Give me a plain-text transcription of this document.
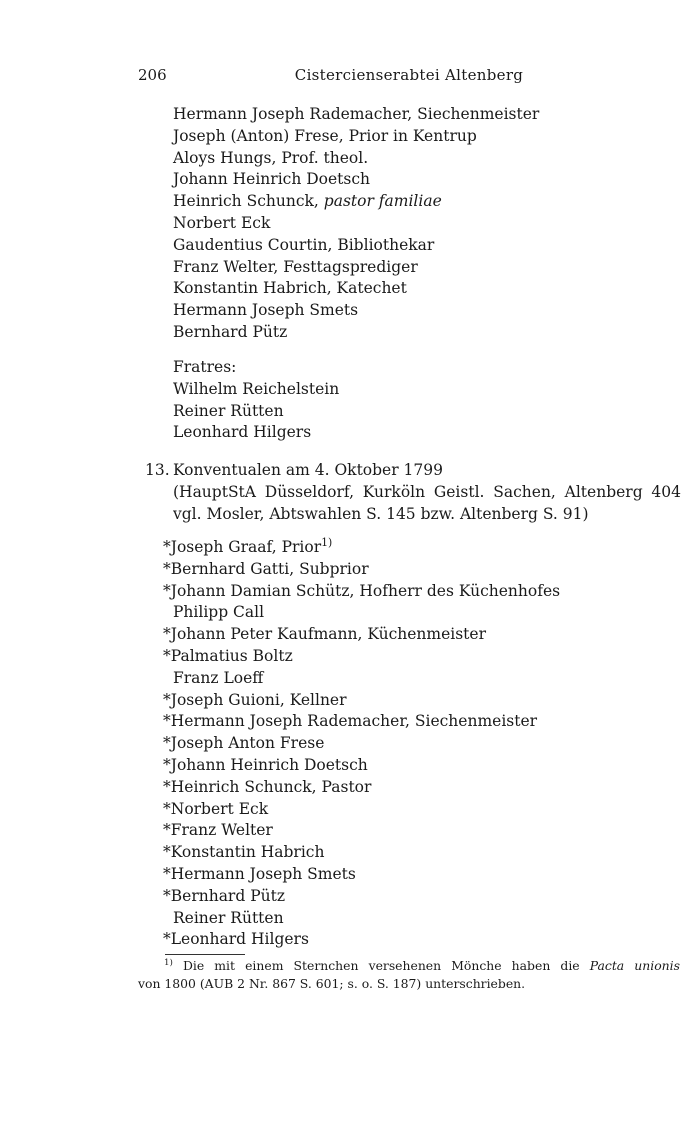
206	Cistercienserabtei Altenberg
Hermann Joseph Rademacher, Siechenmeister
Joseph (Anton) Frese, Prior in Kentrup
Aloys Hungs, Prof. theol.
Johann Heinrich Doetsch
Heinrich Schunck, pastor familiae
Norbert Eck
Gaudentius Courtin, Bibliothekar
Franz Welter, Festtagsprediger
Konstantin Habrich, Katechet
Hermann Joseph Smets
Bernhard Pütz
Fratres:
Wilhelm Reichelstein
Reiner Rütten
Leonhard Hilgers
13. Konventualen am 4. Oktober 1799
(HauptStA Düsseldorf, Kurköln Geistl. Sachen, Altenberg 404
vgl. Mosler, Abtswahlen S. 145 bzw. Altenberg S. 91)
*Joseph Graaf, Prior$^{1)}$
*Bernhard Gatti, Subprior
*Johann Damian Schütz, Hofherr des Küchenhofes
Philipp Call
*Johann Peter Kaufmann, Küchenmeister
*Palmatius Boltz
Franz Loeff
*Joseph Guioni, Kellner
*Hermann Joseph Rademacher, Siechenmeister
*Joseph Anton Frese
*Johann Heinrich Doetsch
*Heinrich Schunck, Pastor
*Norbert Eck
*Franz Welter
*Konstantin Habrich
*Hermann Joseph Smets
*Bernhard Pütz
Reiner Rütten
*Leonhard Hilgers
$^{1)}$ Die mit einem Sternchen versehenen Mönche haben die Pacta unionis
von 1800 (AUB 2 Nr. 867 S. 601; s. o. S. 187) unterschrieben.
